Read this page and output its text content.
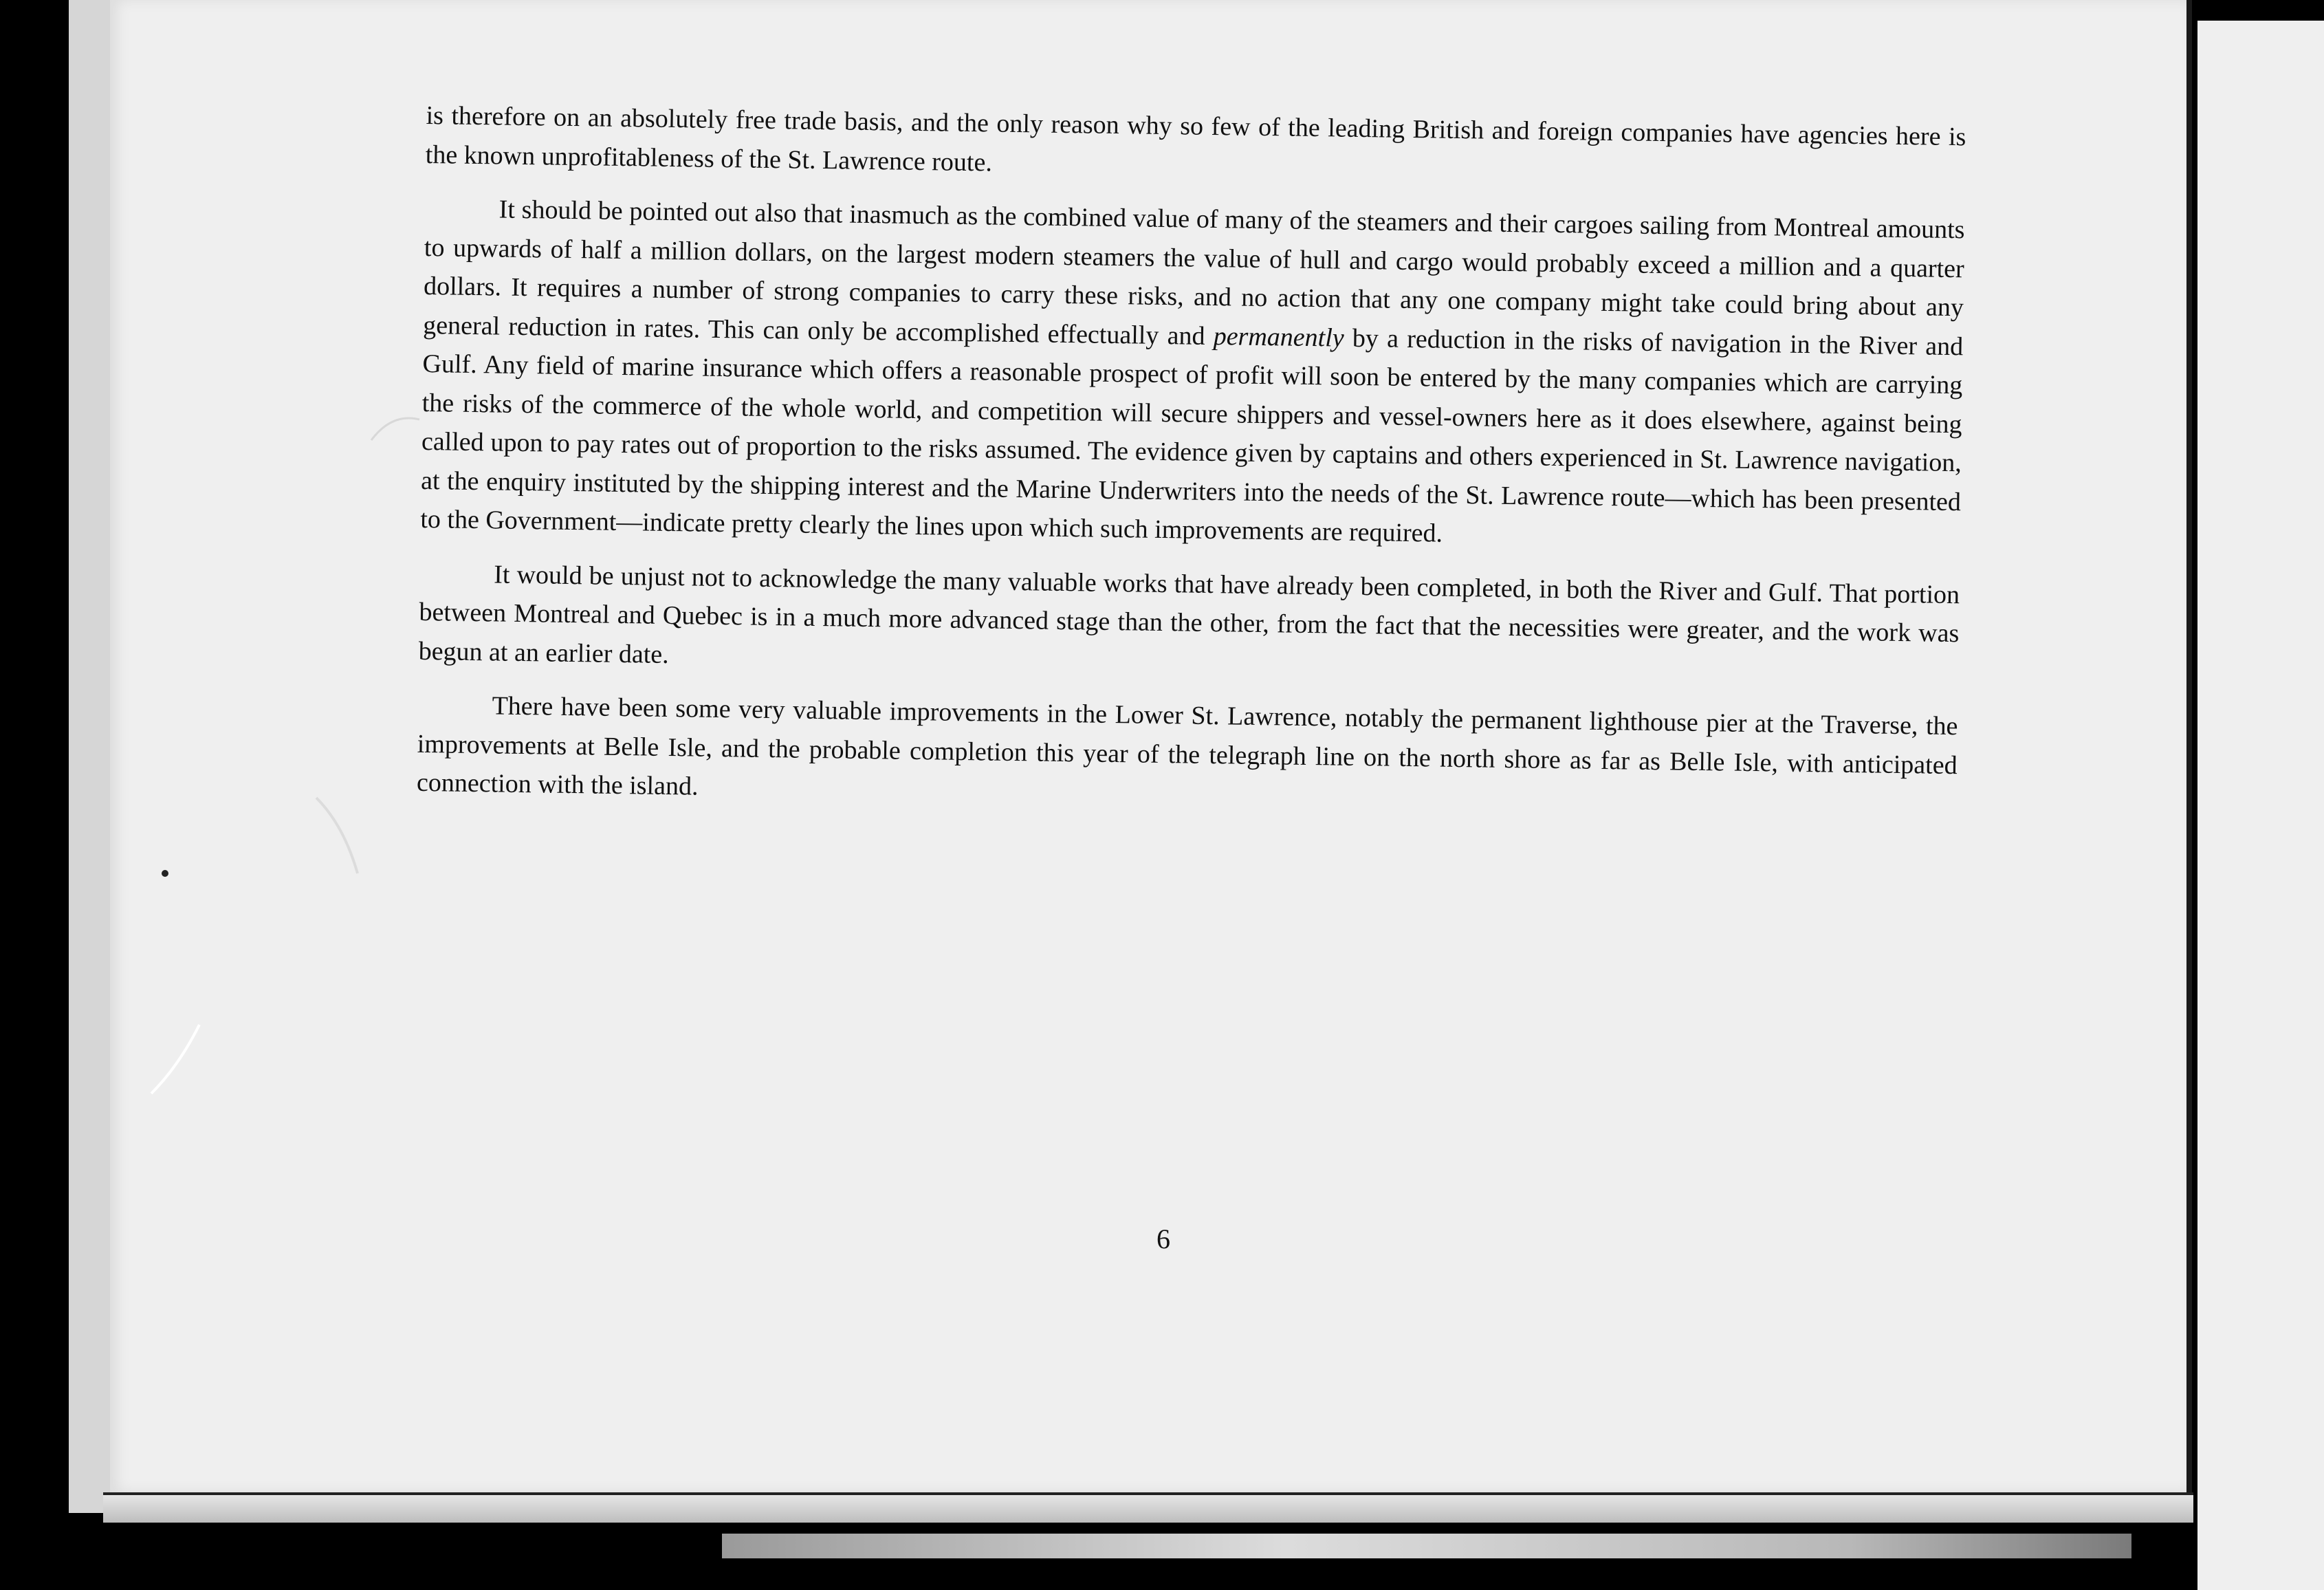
is therefore on an absolutely free trade basis, and the only reason why so few of the leading British and foreign companies have agencies here is the known unprofitableness of the St. Lawrence route.

It should be pointed out also that inasmuch as the combined value of many of the steamers and their cargoes sailing from Montreal amounts to upwards of half a million dollars, on the largest modern steamers the value of hull and cargo would probably exceed a million and a quarter dollars. It requires a number of strong companies to carry these risks, and no action that any one company might take could bring about any general reduction in rates. This can only be accomplished effectually and permanently by a reduction in the risks of navigation in the River and Gulf. Any field of marine insurance which offers a reasonable prospect of profit will soon be entered by the many companies which are carrying the risks of the commerce of the whole world, and competition will secure shippers and vessel-owners here as it does elsewhere, against being called upon to pay rates out of proportion to the risks assumed. The evidence given by captains and others experienced in St. Lawrence navigation, at the enquiry instituted by the shipping interest and the Marine Underwriters into the needs of the St. Lawrence route—which has been presented to the Government—indicate pretty clearly the lines upon which such improvements are required.

It would be unjust not to acknowledge the many valuable works that have already been completed, in both the River and Gulf. That portion between Montreal and Quebec is in a much more advanced stage than the other, from the fact that the necessities were greater, and the work was begun at an earlier date.

There have been some very valuable improvements in the Lower St. Lawrence, notably the permanent lighthouse pier at the Traverse, the improvements at Belle Isle, and the probable completion this year of the telegraph line on the north shore as far as Belle Isle, with anticipated connection with the island.

6
